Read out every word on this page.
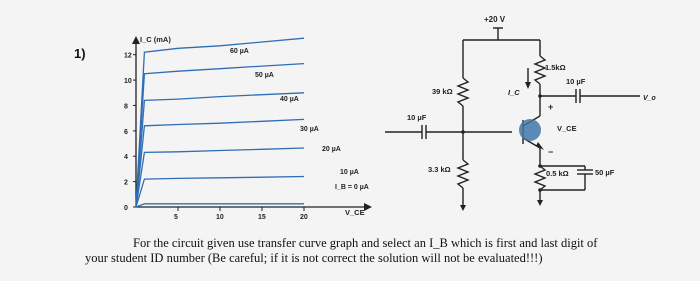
1)
I_C (mA)
V_CE
12
10
8
6
4
2
0
5	10	15	20
60 µA
50 µA
40 µA
30 µA
20 µA
10 µA
I_B = 0 µA
+20 V
39 kΩ
3.3 kΩ
10 µF
1.5kΩ
10 µF
0.5 kΩ	50 µF
I_C
V_CE
+
−
V_o
For the circuit given use transfer curve graph and select an I_B which is first and last digit of
your student ID number (Be careful; if it is not correct the solution will not be evaluated!!!)
